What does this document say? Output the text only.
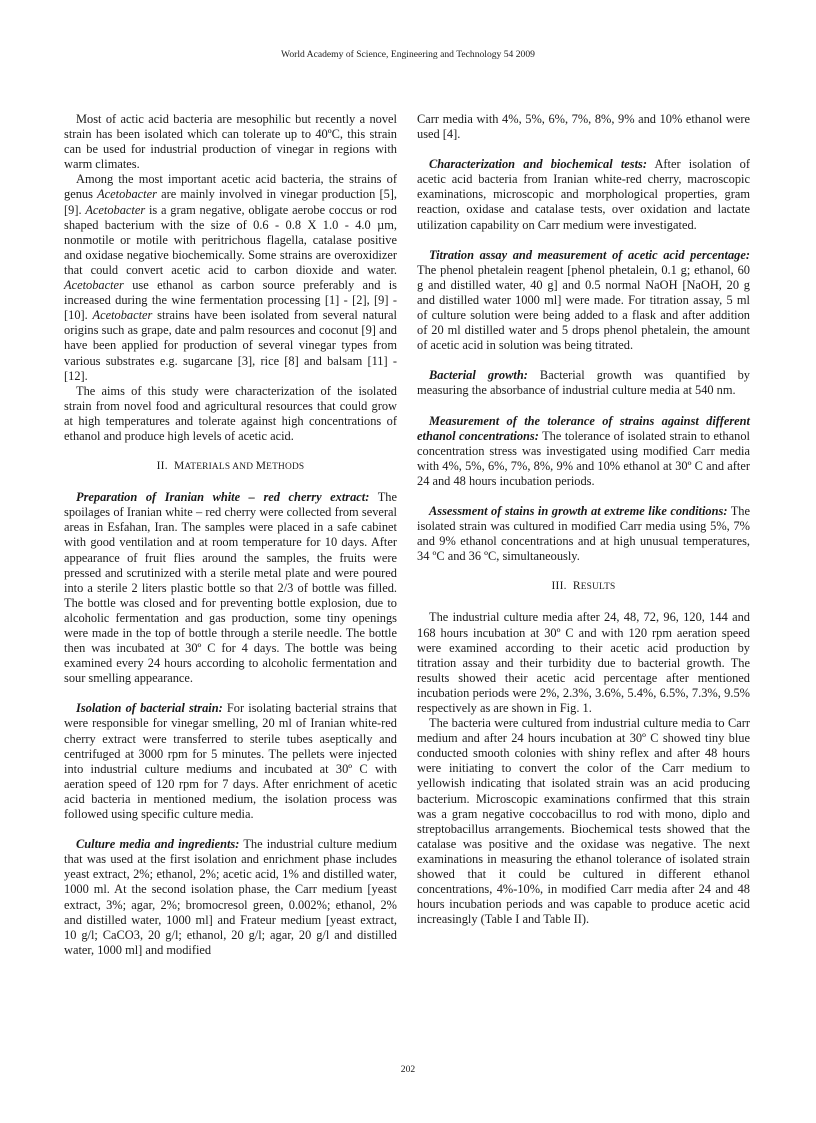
World Academy of Science, Engineering and Technology 54 2009

Most of actic acid bacteria are mesophilic but recently a novel strain has been isolated which can tolerate up to 40ºC, this strain can be used for industrial production of vinegar in regions with warm climates.

Among the most important acetic acid bacteria, the strains of genus Acetobacter are mainly involved in vinegar production [5], [9]. Acetobacter is a gram negative, obligate aerobe coccus or rod shaped bacterium with the size of 0.6 - 0.8 X 1.0 - 4.0 µm, nonmotile or motile with peritrichous flagella, catalase positive and oxidase negative biochemically. Some strains are overoxidizer that could convert acetic acid to carbon dioxide and water. Acetobacter use ethanol as carbon source preferably and is increased during the wine fermentation processing [1] - [2], [9] - [10]. Acetobacter strains have been isolated from several natural origins such as grape, date and palm resources and coconut [9] and have been applied for production of several vinegar types from various substrates e.g. sugarcane [3], rice [8] and balsam [11] - [12].

The aims of this study were characterization of the isolated strain from novel food and agricultural resources that could grow at high temperatures and tolerate against high concentrations of ethanol and produce high levels of acetic acid.

II. MATERIALS AND METHODS

Preparation of Iranian white – red cherry extract: The spoilages of Iranian white – red cherry were collected from several areas in Esfahan, Iran. The samples were placed in a safe cabinet with good ventilation and at room temperature for 10 days. After appearance of fruit flies around the samples, the fruits were pressed and scrutinized with a sterile metal plate and were poured into a sterile 2 liters plastic bottle so that 2/3 of bottle was filled. The bottle was closed and for preventing bottle explosion, due to alcoholic fermentation and gas production, some tiny openings were made in the top of bottle through a sterile needle. The bottle then was incubated at 30º C for 4 days. The bottle was being examined every 24 hours according to alcoholic fermentation and sour smelling appearance.

Isolation of bacterial strain: For isolating bacterial strains that were responsible for vinegar smelling, 20 ml of Iranian white-red cherry extract were transferred to sterile tubes aseptically and centrifuged at 3000 rpm for 5 minutes. The pellets were injected into industrial culture mediums and incubated at 30º C with aeration speed of 120 rpm for 7 days. After enrichment of acetic acid bacteria in mentioned medium, the isolation process was followed using specific culture media.

Culture media and ingredients: The industrial culture medium that was used at the first isolation and enrichment phase includes yeast extract, 2%; ethanol, 2%; acetic acid, 1% and distilled water, 1000 ml. At the second isolation phase, the Carr medium [yeast extract, 3%; agar, 2%; bromocresol green, 0.002%; ethanol, 2% and distilled water, 1000 ml] and Frateur medium [yeast extract, 10 g/l; CaCO3, 20 g/l; ethanol, 20 g/l; agar, 20 g/l and distilled water, 1000 ml] and modified

Carr media with 4%, 5%, 6%, 7%, 8%, 9% and 10% ethanol were used [4].

Characterization and biochemical tests: After isolation of acetic acid bacteria from Iranian white-red cherry, macroscopic examinations, microscopic and morphological properties, gram reaction, oxidase and catalase tests, over oxidation and lactate utilization capability on Carr medium were investigated.

Titration assay and measurement of acetic acid percentage: The phenol phetalein reagent [phenol phetalein, 0.1 g; ethanol, 60 g and distilled water, 40 g] and 0.5 normal NaOH [NaOH, 20 g and distilled water 1000 ml] were made. For titration assay, 5 ml of culture solution were being added to a flask and after addition of 20 ml distilled water and 5 drops phenol phetalein, the amount of acetic acid in solution was being titrated.

Bacterial growth: Bacterial growth was quantified by measuring the absorbance of industrial culture media at 540 nm.

Measurement of the tolerance of strains against different ethanol concentrations: The tolerance of isolated strain to ethanol concentration stress was investigated using modified Carr media with 4%, 5%, 6%, 7%, 8%, 9% and 10% ethanol at 30º C and after 24 and 48 hours incubation periods.

Assessment of stains in growth at extreme like conditions: The isolated strain was cultured in modified Carr media using 5%, 7% and 9% ethanol concentrations and at high unusual temperatures, 34 ºC and 36 ºC, simultaneously.

III. RESULTS

The industrial culture media after 24, 48, 72, 96, 120, 144 and 168 hours incubation at 30º C and with 120 rpm aeration speed were examined according to their acetic acid production by titration assay and their turbidity due to bacterial growth. The results showed their acetic acid percentage after mentioned incubation periods were 2%, 2.3%, 3.6%, 5.4%, 6.5%, 7.3%, 9.5% respectively as are shown in Fig. 1.

The bacteria were cultured from industrial culture media to Carr medium and after 24 hours incubation at 30º C showed tiny blue conducted smooth colonies with shiny reflex and after 48 hours were initiating to convert the color of the Carr medium to yellowish indicating that isolated strain was an acid producing bacterium. Microscopic examinations confirmed that this strain was a gram negative coccobacillus to rod with mono, diplo and streptobacillus arrangements. Biochemical tests showed that the catalase was positive and the oxidase was negative. The next examinations in measuring the ethanol tolerance of isolated strain showed that it could be cultured in different ethanol concentrations, 4%-10%, in modified Carr media after 24 and 48 hours incubation periods and was capable to produce acetic acid increasingly (Table I and Table II).

202
